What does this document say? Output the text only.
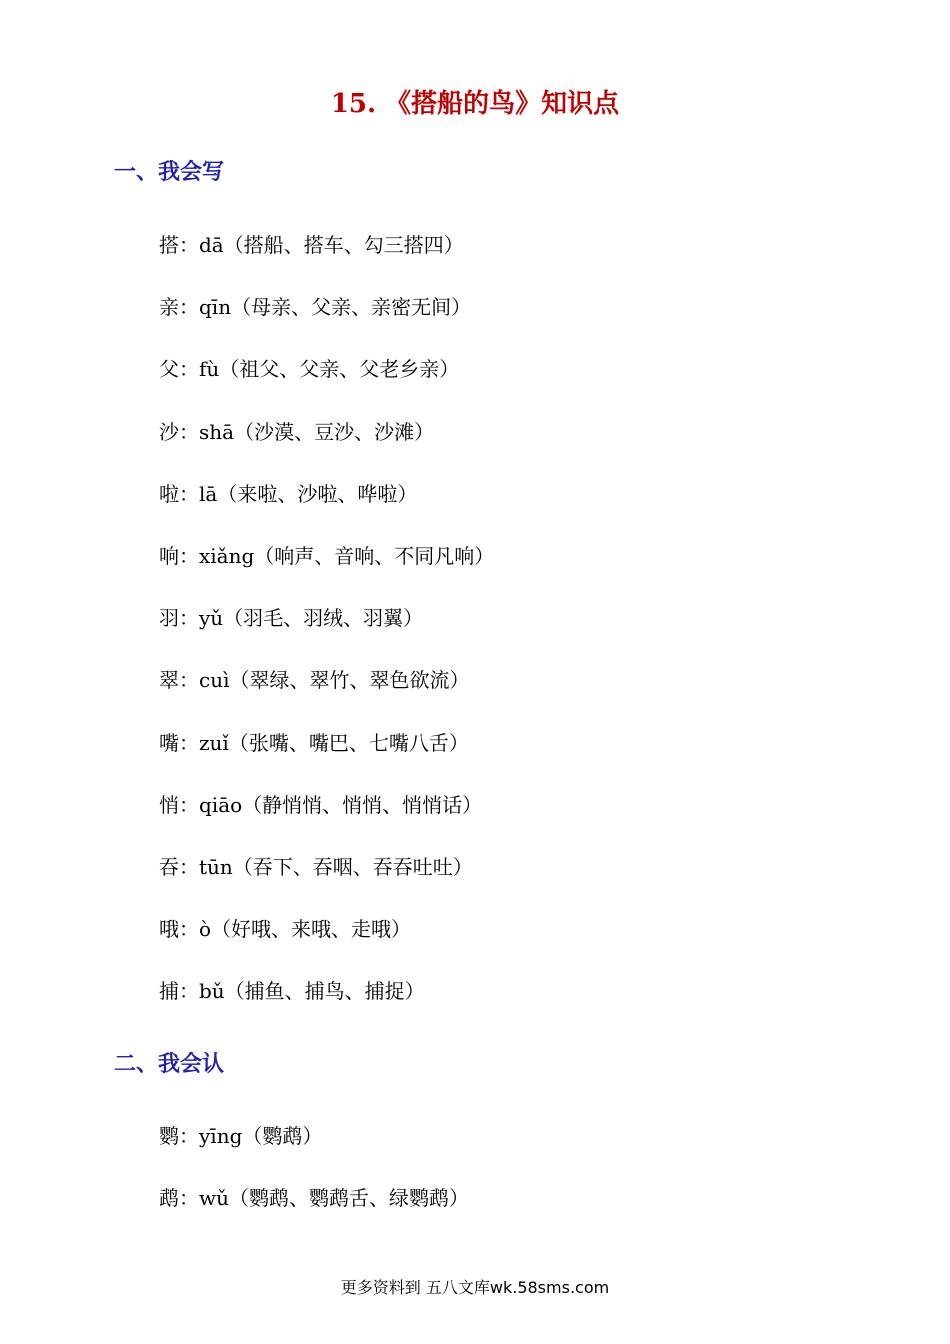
15. 《搭船的鸟》知识点
一、我会写
搭：dā（搭船、搭车、勾三搭四）
亲：qīn（母亲、父亲、亲密无间）
父：fù（祖父、父亲、父老乡亲）
沙：shā（沙漠、豆沙、沙滩）
啦：lā（来啦、沙啦、哗啦）
响：xiǎng（响声、音响、不同凡响）
羽：yǔ（羽毛、羽绒、羽翼）
翠：cuì（翠绿、翠竹、翠色欲流）
嘴：zuǐ（张嘴、嘴巴、七嘴八舌）
悄：qiāo（静悄悄、悄悄、悄悄话）
吞：tūn（吞下、吞咽、吞吞吐吐）
哦：ò（好哦、来哦、走哦）
捕：bǔ（捕鱼、捕鸟、捕捉）
二、我会认
鹦：yīng（鹦鹉）
鹉：wǔ（鹦鹉、鹦鹉舌、绿鹦鹉）
更多资料到 五八文库wk.58sms.com
